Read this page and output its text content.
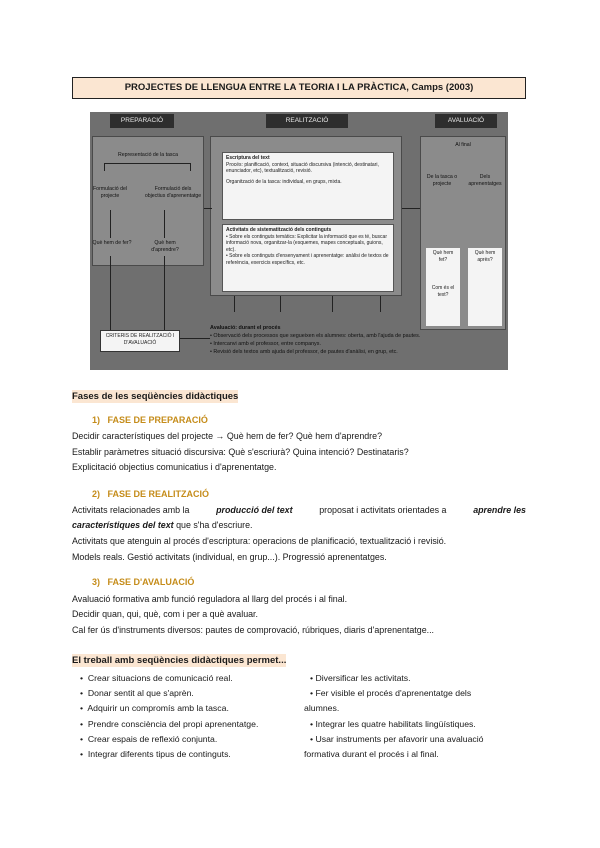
PROJECTES DE LLENGUA ENTRE LA TEORIA I LA PRÀCTICA, Camps (2003)
PREPARACIÓ	REALITZACIÓ	AVALUACIÓ
Representació de la tasca
Formulació del projecte
Formulació dels objectius d'aprenentatge
Què hem de fer?	Què hem d'aprendre?
CRITERIS DE REALITZACIÓ I D'AVALUACIÓ
Escriptura del text
Procés: planificació, context, situació discursiva (intenció, destinatari, enunciador, etc), textualització, revisió.
Organització de la tasca: individual, en grups, mixta.
Activitats de sistematització dels continguts
• Sobre els continguts temàtics: Explicitar la informació que es té, buscar informació nova, organitzar-la (esquemes, mapes conceptuals, guions, etc).
• Sobre els continguts d'ensenyament i aprenentatge: anàlisi de textos de referència, exercicis específics, etc.
Al final
De la tasca o projecte
Dels aprenentatges
Què hem fet?
Com és el text?
Què hem après?
Avaluació: durant el procés
• Observació dels processos que segueixen els alumnes: oberta, amb l'ajuda de pautes.
• Intercanvi amb el professor, entre companys.
• Revisió dels textos amb ajuda del professor, de pautes d'anàlisi, en grup, etc.
Fases de les seqüències didàctiques
1) FASE DE PREPARACIÓ
Decidir característiques del projecte → Què hem de fer? Què hem d'aprendre?
Establir paràmetres situació discursiva: Què s'escriurà? Quina intenció? Destinataris?
Explicitació objectius comunicatius i d'aprenentatge.
2) FASE DE REALITZACIÓ
Activitats relacionades amb la	producció del text	proposat i activitats orientades a	aprendre les
característiques del text que s'ha d'escriure.
Activitats que atenguin al procés d'escriptura: operacions de planificació, textualització i revisió.
Models reals. Gestió activitats (individual, en grup...). Progressió aprenentatges.
3) FASE D'AVALUACIÓ
Avaluació formativa amb funció reguladora al llarg del procés i al final.
Decidir quan, qui, què, com i per a què avaluar.
Cal fer ús d'instruments diversos: pautes de comprovació, rúbriques, diaris d'aprenentatge...
El treball amb seqüències didàctiques permet...
•  Crear situacions de comunicació real.
•  Donar sentit al que s'aprèn.
•  Adquirir un compromís amb la tasca.
•  Prendre consciència del propi aprenentatge.
•  Crear espais de reflexió conjunta.
•  Integrar diferents tipus de continguts.
• Diversificar les activitats.
• Fer visible el procés d'aprenentatge dels
alumnes.
• Integrar les quatre habilitats lingüístiques.
• Usar instruments per afavorir una avaluació
formativa durant el procés i al final.
